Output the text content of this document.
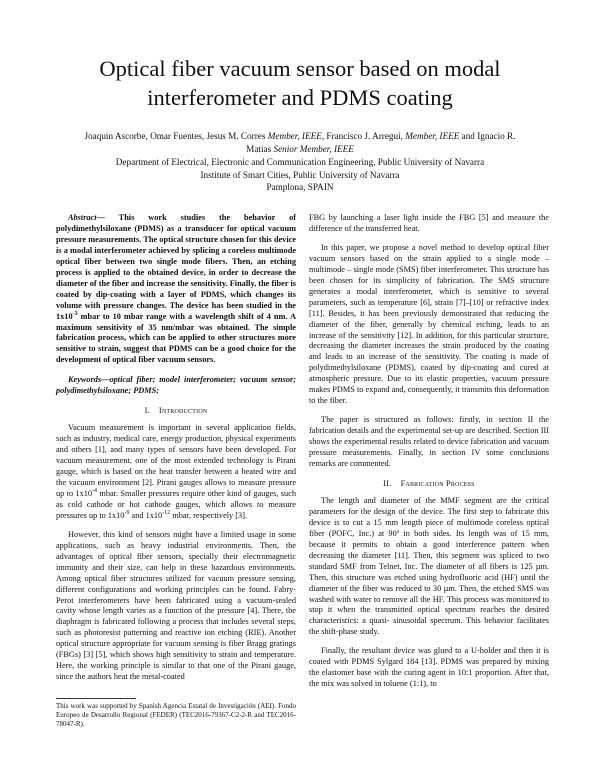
Optical fiber vacuum sensor based on modal interferometer and PDMS coating
Joaquin Ascorbe, Omar Fuentes, Jesus M. Corres Member, IEEE, Francisco J. Arregui, Member, IEEE and Ignacio R.
Matias Senior Member, IEEE
Department of Electrical, Electronic and Communication Engineering, Public University of Navarra
Institute of Smart Cities, Public University of Navarra
Pamplona, SPAIN

Abstract— This work studies the behavior of polydimethylsiloxane (PDMS) as a transducer for optical vacuum pressure measurements. The optical structure chosen for this device is a modal interferometer achieved by splicing a coreless multimode optical fiber between two single mode fibers. Then, an etching process is applied to the obtained device, in order to decrease the diameter of the fiber and increase the sensitivity. Finally, the fiber is coated by dip-coating with a layer of PDMS, which changes its volume with pressure changes. The device has been studied in the $1x10^{-3}$ mbar to 10 mbar range with a wavelength shift of 4 nm. A maximum sensitivity of 35 nm/mbar was obtained. The simple fabrication process, which can be applied to other structures more sensitive to strain, suggest that PDMS can be a good choice for the development of optical fiber vacuum sensors.

Keywords—optical fiber; model interferometer; vacuum sensor; polydimethylsiloxane; PDMS;

I. Introduction

Vacuum measurement is important in several application fields, such as industry, medical care, energy production, physical experiments and others [1], and many types of sensors have been developed. For vacuum measurement, one of the most extended technology is Pirani gauge, which is based on the heat transfer between a heated wire and the vacuum environment [2]. Pirani gauges allows to measure pressure up to $1x10^{-4}$ mbar. Smaller pressures require other kind of gauges, such as cold cathode or hot cathode gauges, which allows to measure pressures up to $1x10^{-9}$ and $1x10^{-12}$ mbar, respectively [3].

However, this kind of sensors might have a limited usage in some applications, such as heavy industrial environments. Then, the advantages of optical fiber sensors, specially their electromagnetic immunity and their size, can help in these hazardous environments. Among optical fiber structures utilized for vacuum pressure sensing, different configurations and working principles can be found. Fabry-Perot interferometers have been fabricated using a vacuum-sealed cavity whose length varies as a function of the pressure [4]. There, the diaphragm is fabricated following a process that includes several steps, such as photoresist patterning and reactive ion etching (RIE). Another optical structure appropriate for vacuum sensing is fiber Bragg gratings (FBGs) [3] [5], which shows high sensitivity to strain and temperature. Here, the working principle is similar to that one of the Pirani gauge, since the authors heat the metal-coated

This work was supported by Spanish Agencia Estatal de Investigación (AEI). Fondo Europeo de Desarrollo Regional (FEDER) (TEC2016-79367-C2-2-R and TEC2016-78047-R).

FBG by launching a laser light inside the FBG [5] and measure the difference of the transferred heat.

In this paper, we propose a novel method to develop optical fiber vacuum sensors based on the strain applied to a single mode – multimode – single mode (SMS) fiber interferometer. This structure has been chosen for its simplicity of fabrication. The SMS structure generates a modal interferometer, which is sensitive to several parameters, such as temperature [6], strain [7]–[10] or refractive index [11]. Besides, it has been previously demonstrated that reducing the diameter of the fiber, generally by chemical etching, leads to an increase of the sensitivity [12]. In addition, for this particular structure, decreasing the diameter increases the strain produced by the coating and leads to an increase of the sensitivity. The coating is made of polydimethylsiloxane (PDMS), coated by dip-coating and cured at atmospheric pressure. Due to its elastic properties, vacuum pressure makes PDMS to expand and, consequently, it transmits this deformation to the fiber.

The paper is structured as follows: firstly, in section II the fabrication details and the experimental set-up are described. Section III shows the experimental results related to device fabrication and vacuum pressure measurements. Finally, in section IV some conclusions remarks are commented.

II. Fabrication Process

The length and diameter of the MMF segment are the critical parameters for the design of the device. The first step to fabricate this device is to cut a 15 mm length piece of multimode coreless optical fiber (POFC, Inc.) at 90º in both sides. Its length was of 15 mm, because it permits to obtain a good interference pattern when decreasing the diameter [11]. Then, this segment was spliced to two standard SMF from Telnet, Inc. The diameter of all fibers is 125 µm. Then, this structure was etched using hydrofluoric acid (HF) until the diameter of the fiber was reduced to 30 µm. Then, the etched SMS was washed with water to remove all the HF. This process was monitored to stop it when the transmitted optical spectrum reaches the desired characteristics: a quasi- sinusoidal spectrum. This behavior facilitates the shift-phase study.

Finally, the resultant device was glued to a U-holder and then it is coated with PDMS Sylgard 184 [13]. PDMS was prepared by mixing the elastomer base with the curing agent in 10:1 proportion. After that, the mix was solved in toluene (1:1), to
